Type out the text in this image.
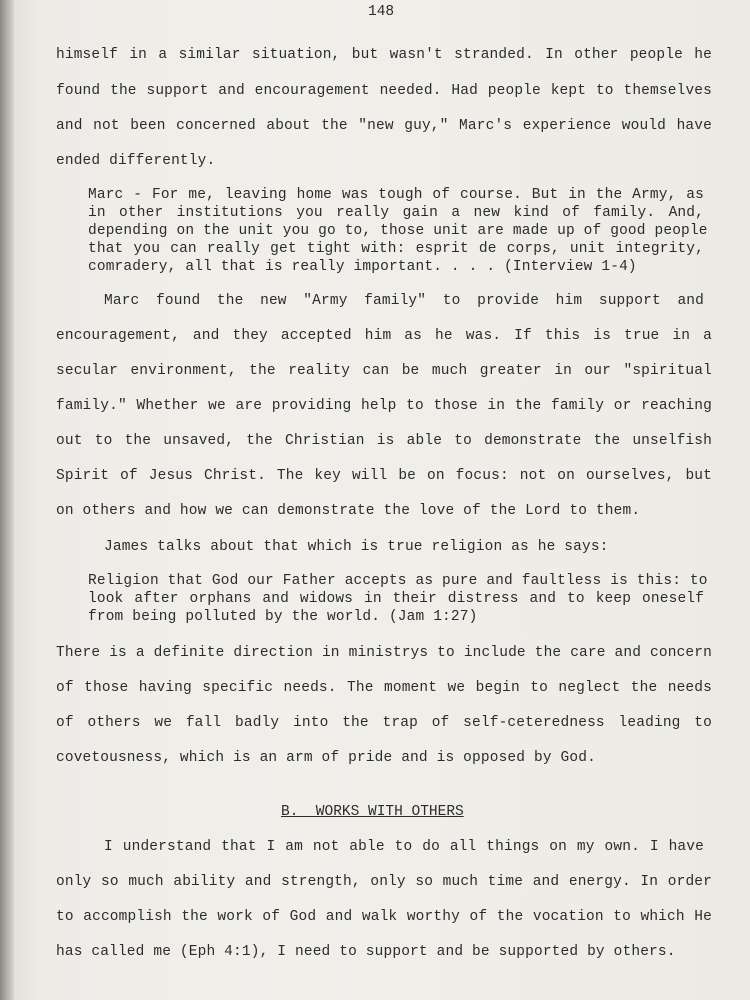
148
himself in a similar situation, but wasn't stranded. In other people he
found the support and encouragement needed. Had people kept to themselves
and not been concerned about the "new guy," Marc's experience would have
ended differently.
Marc - For me, leaving home was tough of course. But in the Army, as
in other institutions you really gain a new kind of family. And,
depending on the unit you go to, those unit are made up of good people
that you can really get tight with: esprit de corps, unit integrity,
comradery, all that is really important. . . . (Interview 1-4)
Marc found the new "Army family" to provide him support and
encouragement, and they accepted him as he was. If this is true in a
secular environment, the reality can be much greater in our "spiritual
family." Whether we are providing help to those in the family or reaching
out to the unsaved, the Christian is able to demonstrate the unselfish
Spirit of Jesus Christ. The key will be on focus: not on ourselves, but
on others and how we can demonstrate the love of the Lord to them.
James talks about that which is true religion as he says:
Religion that God our Father accepts as pure and faultless is this: to
look after orphans and widows in their distress and to keep oneself
from being polluted by the world. (Jam 1:27)
There is a definite direction in ministrys to include the care and concern
of those having specific needs. The moment we begin to neglect the needs
of others we fall badly into the trap of self-ceteredness leading to
covetousness, which is an arm of pride and is opposed by God.
B.  WORKS WITH OTHERS
I understand that I am not able to do all things on my own. I have
only so much ability and strength, only so much time and energy. In order
to accomplish the work of God and walk worthy of the vocation to which He
has called me (Eph 4:1), I need to support and be supported by others.
